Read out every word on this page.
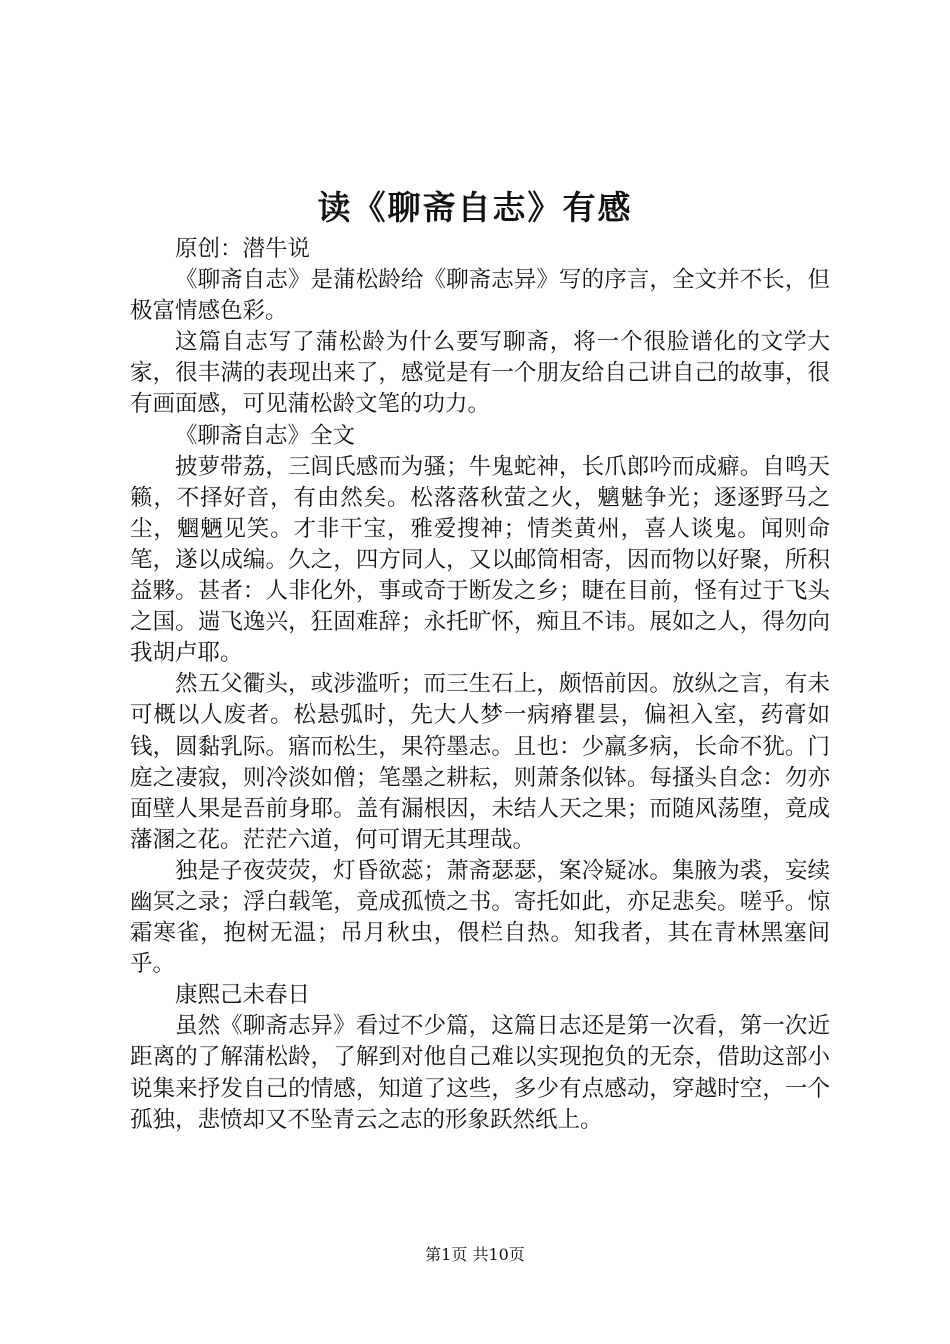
读《聊斋自志》有感

原创：潜牛说

《聊斋自志》是蒲松龄给《聊斋志异》写的序言，全文并不长，但极富情感色彩。

这篇自志写了蒲松龄为什么要写聊斋，将一个很脸谱化的文学大家，很丰满的表现出来了，感觉是有一个朋友给自己讲自己的故事，很有画面感，可见蒲松龄文笔的功力。

《聊斋自志》全文

披萝带荔，三闾氏感而为骚；牛鬼蛇神，长爪郎吟而成癖。自鸣天籁，不择好音，有由然矣。松落落秋萤之火，魑魅争光；逐逐野马之尘，魍魉见笑。才非干宝，雅爱搜神；情类黄州，喜人谈鬼。闻则命笔，遂以成编。久之，四方同人，又以邮筒相寄，因而物以好聚，所积益夥。甚者：人非化外，事或奇于断发之乡；睫在目前，怪有过于飞头之国。遄飞逸兴，狂固难辞；永托旷怀，痴且不讳。展如之人，得勿向我胡卢耶。

然五父衢头，或涉滥听；而三生石上，颇悟前因。放纵之言，有未可概以人废者。松悬弧时，先大人梦一病瘠瞿昙，偏袒入室，药膏如钱，圆黏乳际。寤而松生，果符墨志。且也：少羸多病，长命不犹。门庭之凄寂，则冷淡如僧；笔墨之耕耘，则萧条似钵。每搔头自念：勿亦面壁人果是吾前身耶。盖有漏根因，未结人天之果；而随风荡堕，竟成藩溷之花。茫茫六道，何可谓无其理哉。

独是子夜荧荧，灯昏欲蕊；萧斋瑟瑟，案冷疑冰。集腋为裘，妄续幽冥之录；浮白载笔，竟成孤愤之书。寄托如此，亦足悲矣。嗟乎。惊霜寒雀，抱树无温；吊月秋虫，偎栏自热。知我者，其在青林黑塞间乎。

康熙己未春日

虽然《聊斋志异》看过不少篇，这篇日志还是第一次看，第一次近距离的了解蒲松龄，了解到对他自己难以实现抱负的无奈，借助这部小说集来抒发自己的情感，知道了这些，多少有点感动，穿越时空，一个孤独，悲愤却又不坠青云之志的形象跃然纸上。

第1页 共10页
